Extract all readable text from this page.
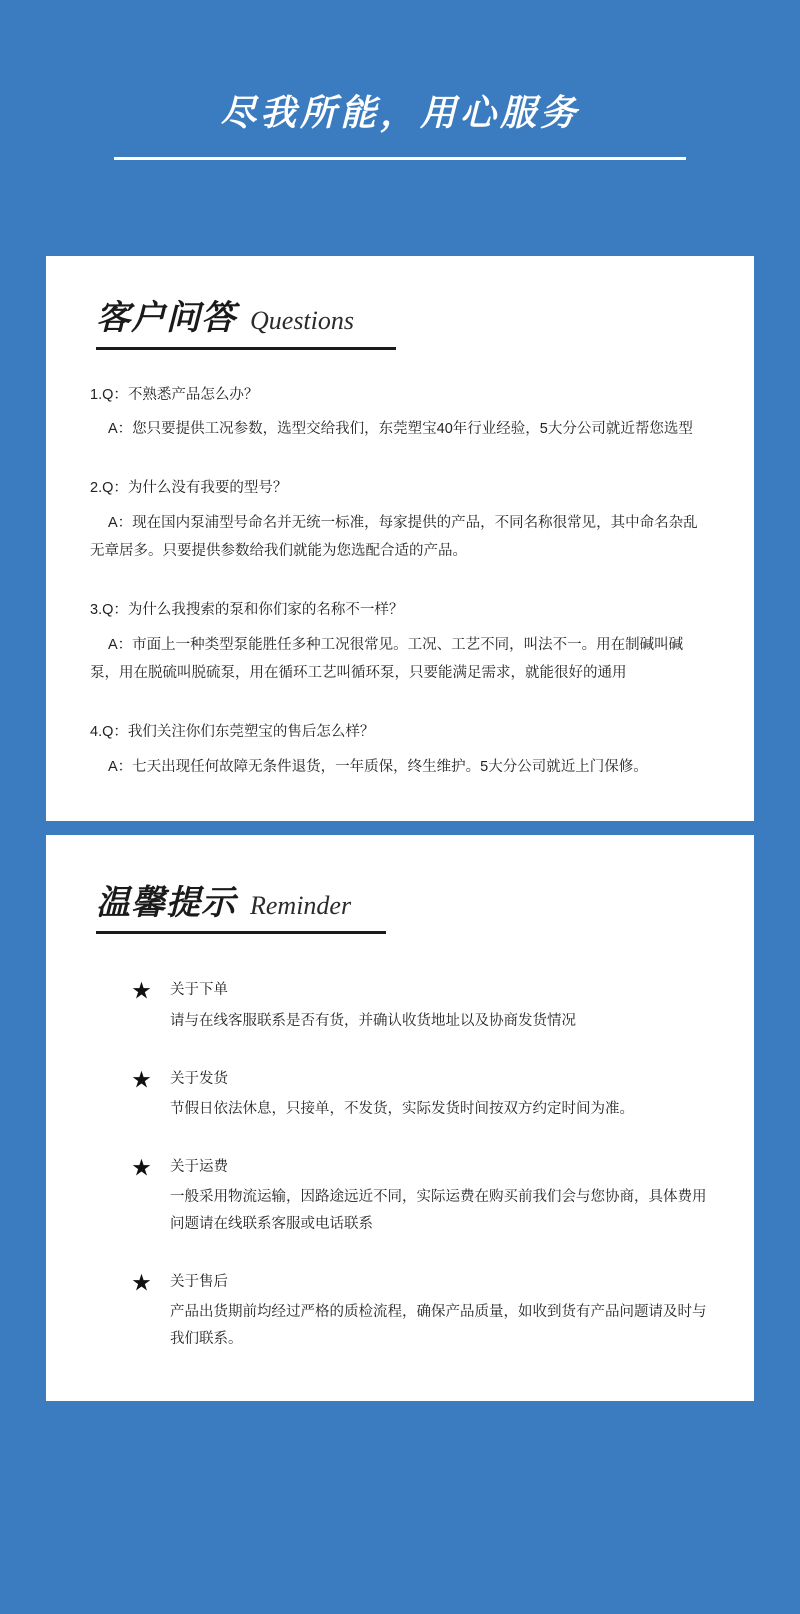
尽我所能，用心服务
客户问答 Questions
1.Q：不熟悉产品怎么办？
A：您只要提供工况参数，选型交给我们，东莞塑宝40年行业经验，5大分公司就近帮您选型
2.Q：为什么没有我要的型号？
A：现在国内泵浦型号命名并无统一标准，每家提供的产品，不同名称很常见，其中命名杂乱无章居多。只要提供参数给我们就能为您选配合适的产品。
3.Q：为什么我搜索的泵和你们家的名称不一样？
A：市面上一种类型泵能胜任多种工况很常见。工况、工艺不同，叫法不一。用在制碱叫碱泵，用在脱硫叫脱硫泵，用在循环工艺叫循环泵，只要能满足需求，就能很好的通用
4.Q：我们关注你们东莞塑宝的售后怎么样？
A：七天出现任何故障无条件退货，一年质保，终生维护。5大分公司就近上门保修。
温馨提示 Reminder
★	关于下单
请与在线客服联系是否有货，并确认收货地址以及协商发货情况
★	关于发货
节假日依法休息，只接单，不发货，实际发货时间按双方约定时间为准。
★	关于运费
一般采用物流运输，因路途远近不同，实际运费在购买前我们会与您协商，具体费用问题请在线联系客服或电话联系
★	关于售后
产品出货期前均经过严格的质检流程，确保产品质量，如收到货有产品问题请及时与我们联系。
